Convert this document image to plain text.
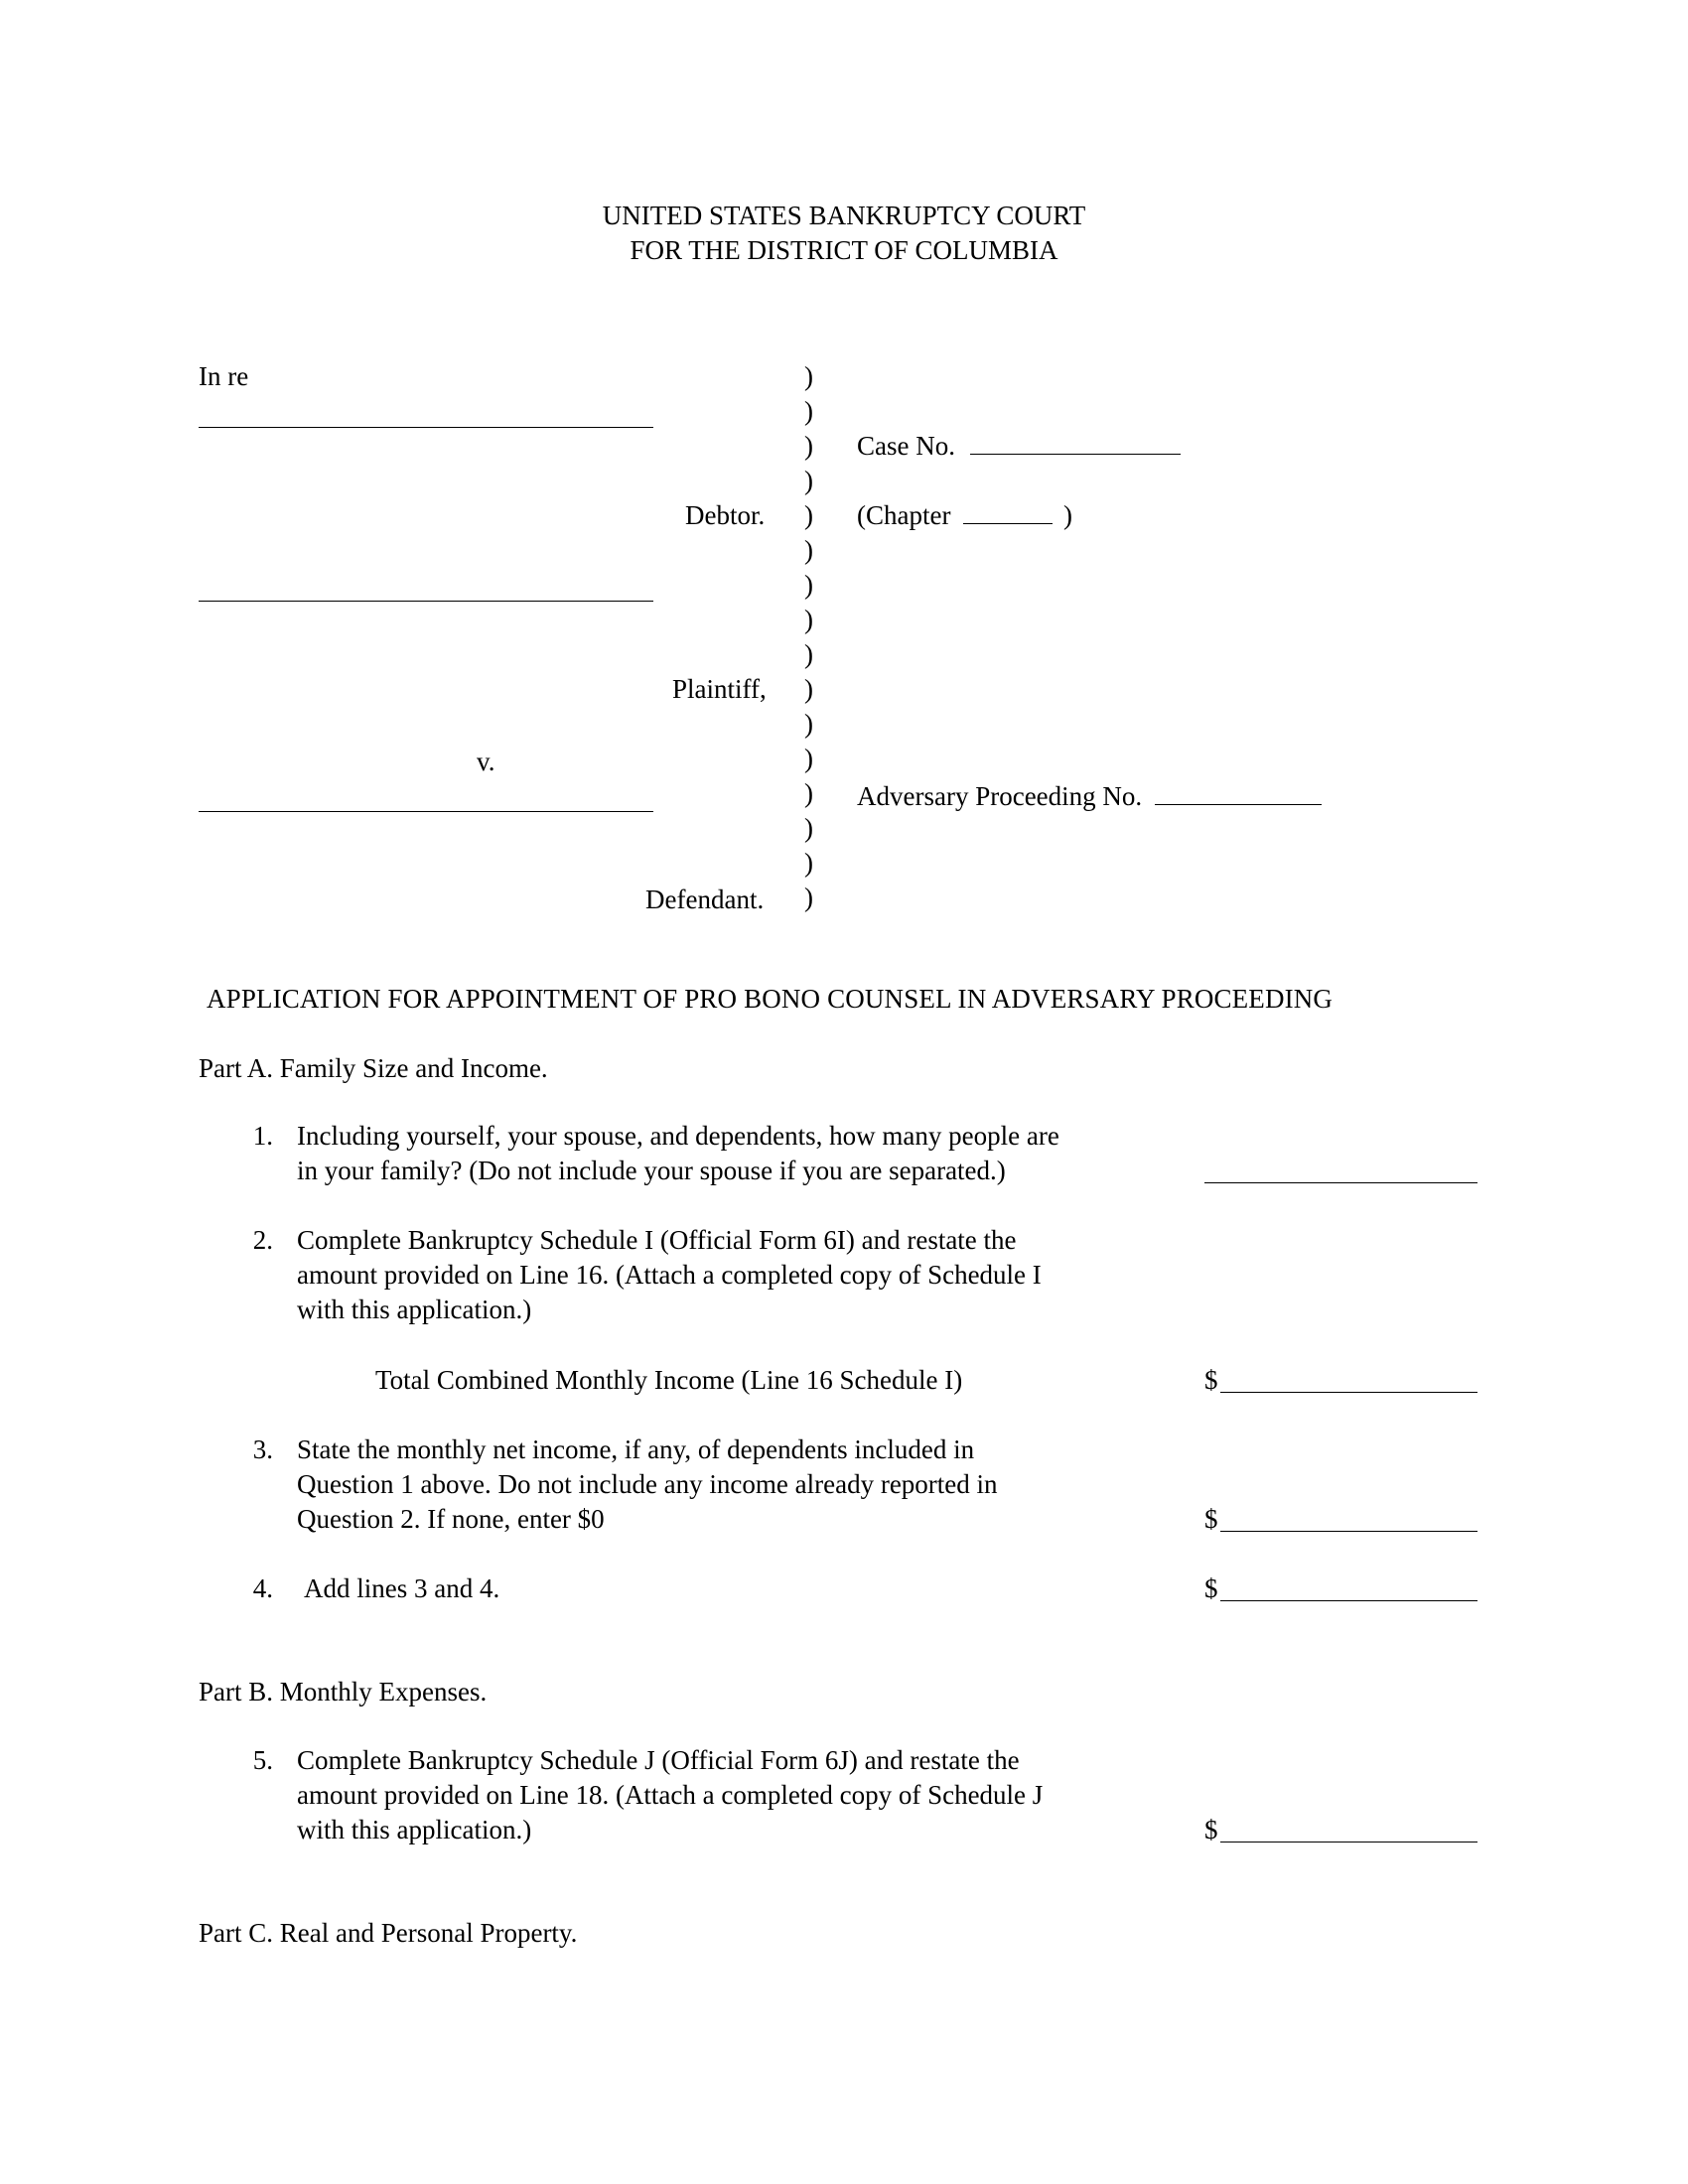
UNITED STATES BANKRUPTCY COURT
FOR THE DISTRICT OF COLUMBIA
In re
Debtor.
Plaintiff,
v.
Defendant.
)
)
)
)
)
)
)
)
)
)
)
)
)
)
)
)
Case No.
(Chapter	)
Adversary Proceeding No.
APPLICATION FOR APPOINTMENT OF PRO BONO COUNSEL IN ADVERSARY PROCEEDING
Part A. Family Size and Income.
1. Including yourself, your spouse, and dependents, how many people are
in your family? (Do not include your spouse if you are separated.)
2. Complete Bankruptcy Schedule I (Official Form 6I) and restate the
amount provided on Line 16. (Attach a completed copy of Schedule I
with this application.)
Total Combined Monthly Income (Line 16 Schedule I)	$
3. State the monthly net income, if any, of dependents included in
Question 1 above. Do not include any income already reported in
Question 2. If none, enter $0	$
4. Add lines 3 and 4.	$
Part B. Monthly Expenses.
5. Complete Bankruptcy Schedule J (Official Form 6J) and restate the
amount provided on Line 18. (Attach a completed copy of Schedule J
with this application.)	$
Part C. Real and Personal Property.
